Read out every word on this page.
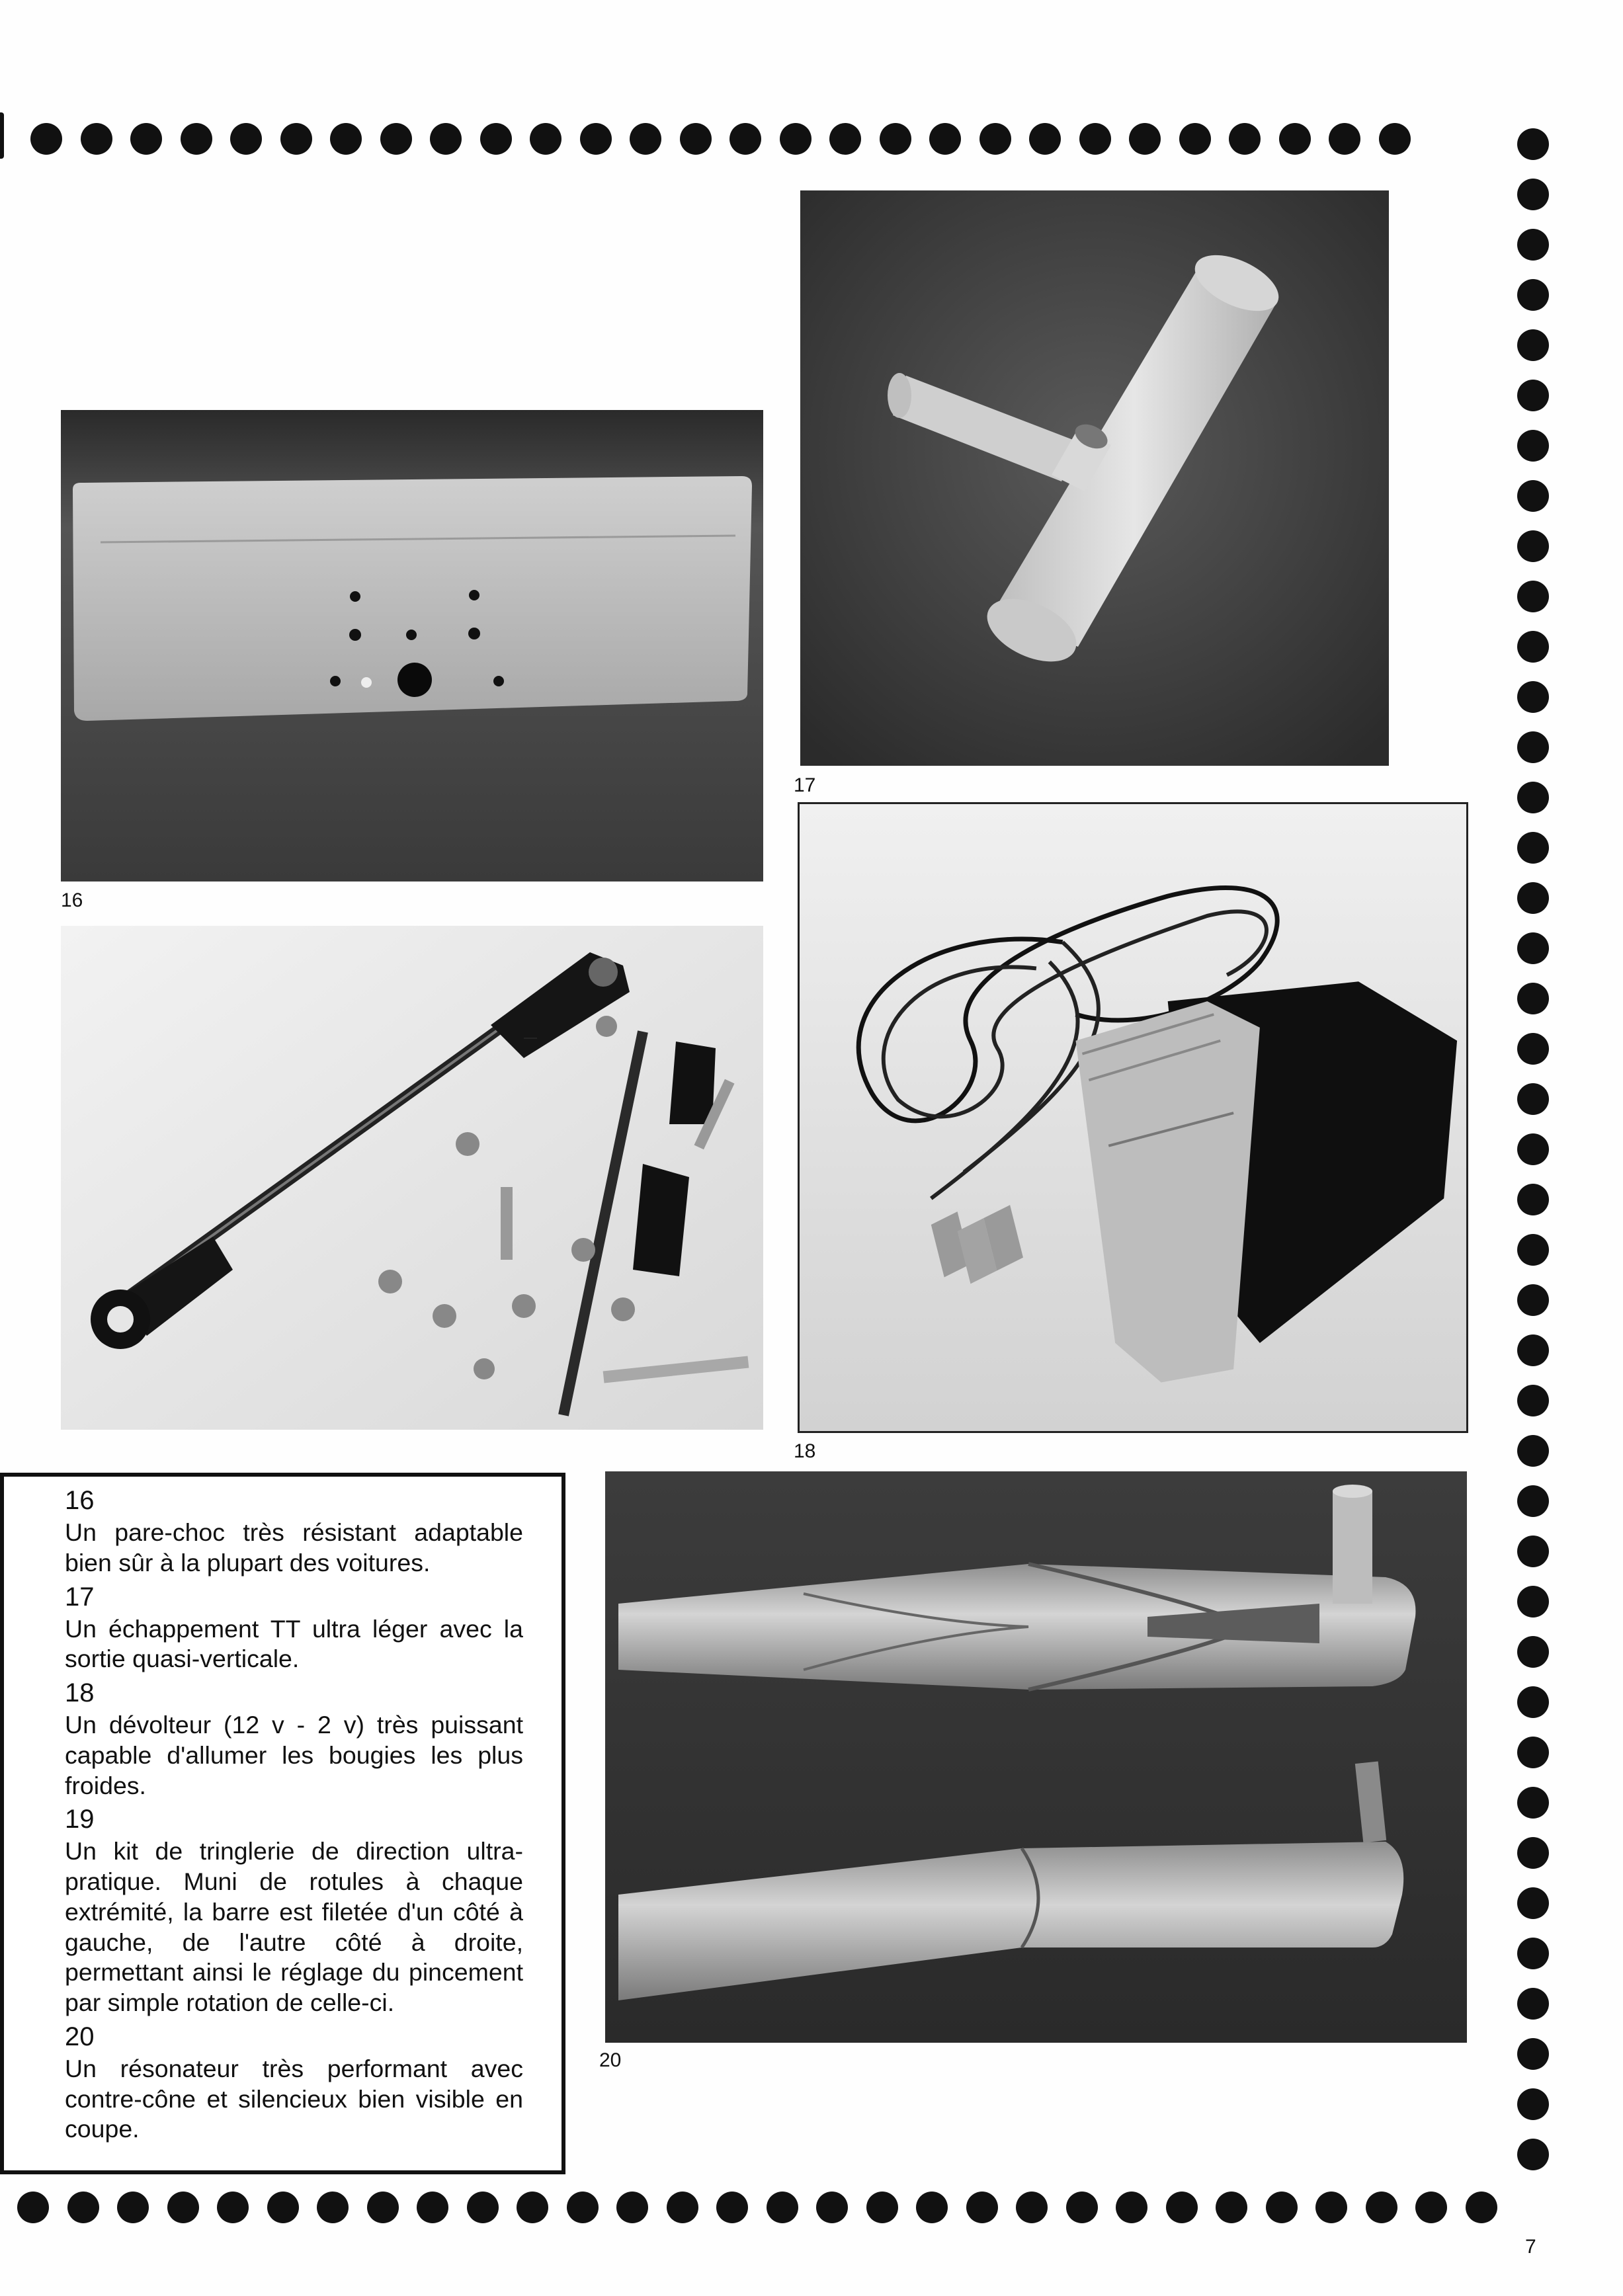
16
17
18
20
16
Un pare-choc très résistant adaptable bien sûr à la plupart des voitures.
17
Un échappement TT ultra léger avec la sortie quasi-verticale.
18
Un dévolteur (12 v - 2 v) très puissant capable d'allumer les bougies les plus froides.
19
Un kit de tringlerie de direction ultra-pratique. Muni de rotules à chaque extrémité, la barre est filetée d'un côté à gauche, de l'autre côté à droite, permettant ainsi le réglage du pincement par simple rotation de celle-ci.
20
Un résonateur très performant avec contre-cône et silencieux bien visible en coupe.
7
